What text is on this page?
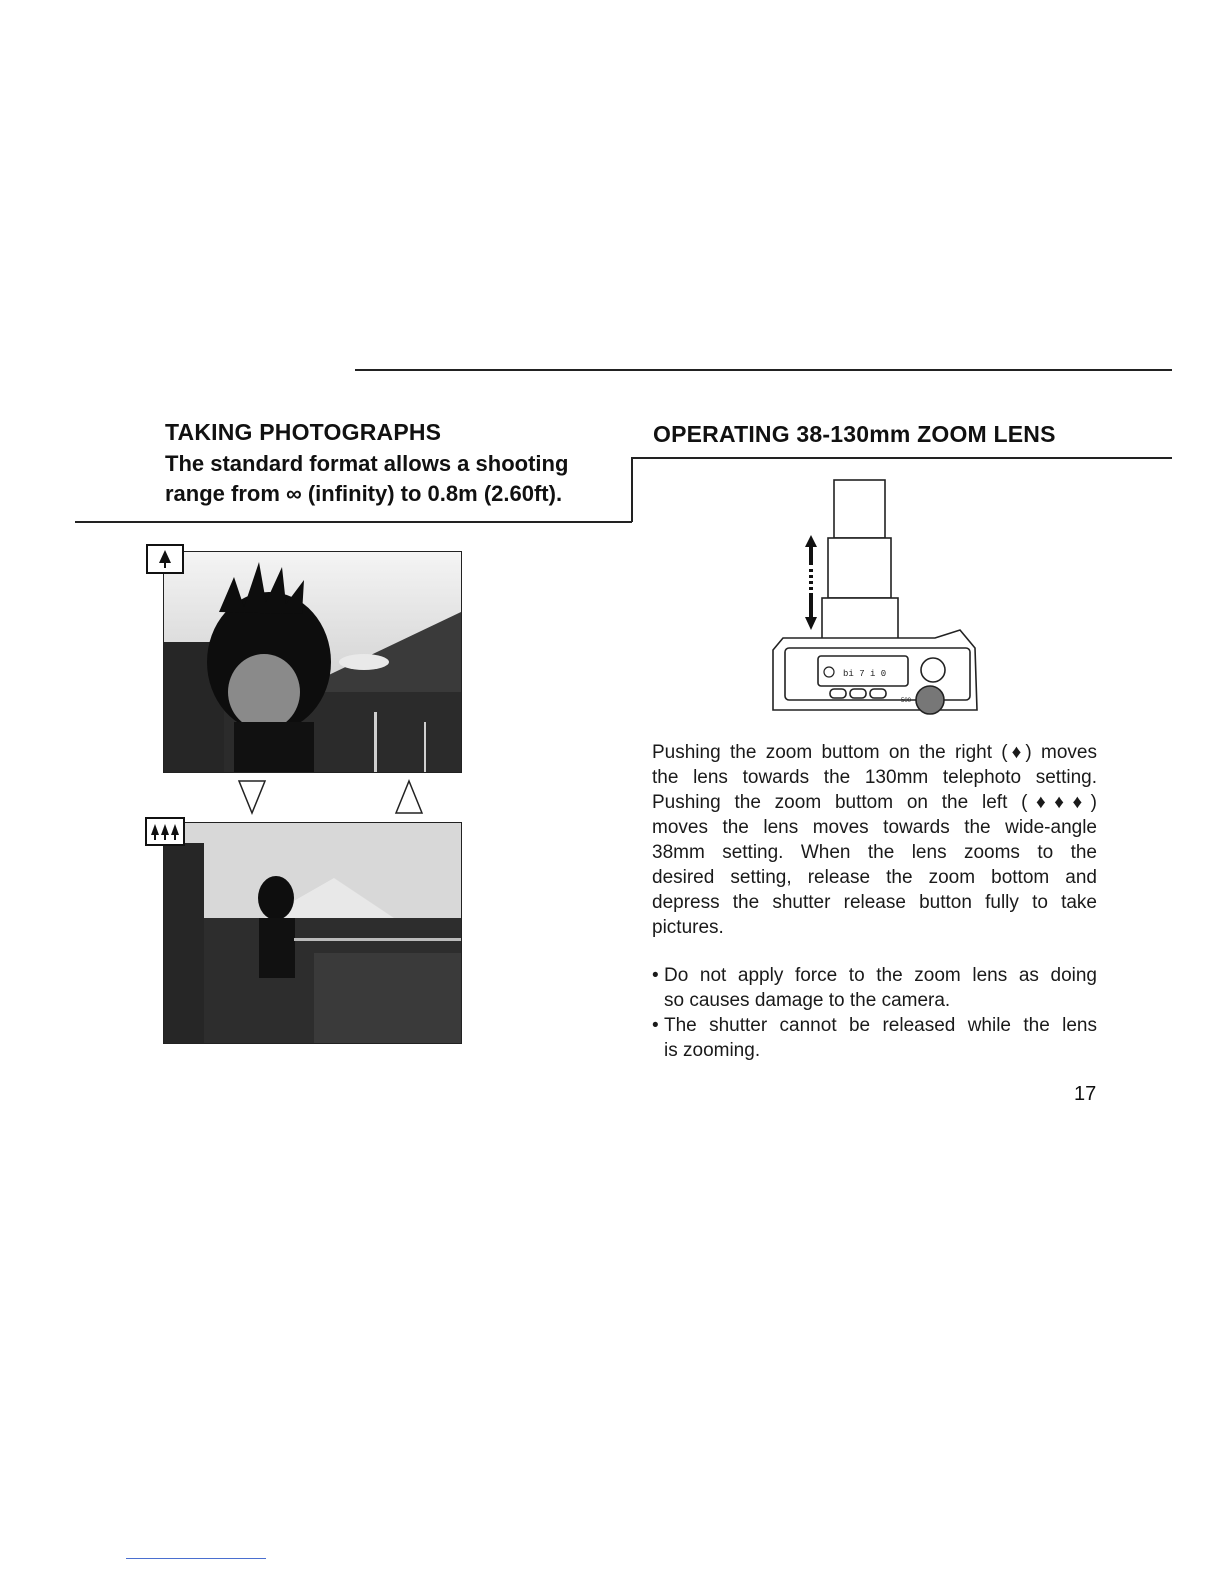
TAKING PHOTOGRAPHS
The standard format allows a shooting
range from ∞ (infinity) to 0.8m (2.60ft).
OPERATING 38-130mm ZOOM LENS
bi 7 i 0
500
Pushing the zoom buttom on the right (♦) moves
the lens towards the 130mm telephoto setting.
Pushing the zoom buttom on the left (♦♦♦)
moves the lens moves towards the wide-angle
38mm setting. When the lens zooms to the
desired setting, release the zoom bottom and
depress the shutter release button fully to take
pictures.
• Do not apply force to the zoom lens as doing
so causes damage to the camera.
• The shutter cannot be released while the lens
is zooming.
17
